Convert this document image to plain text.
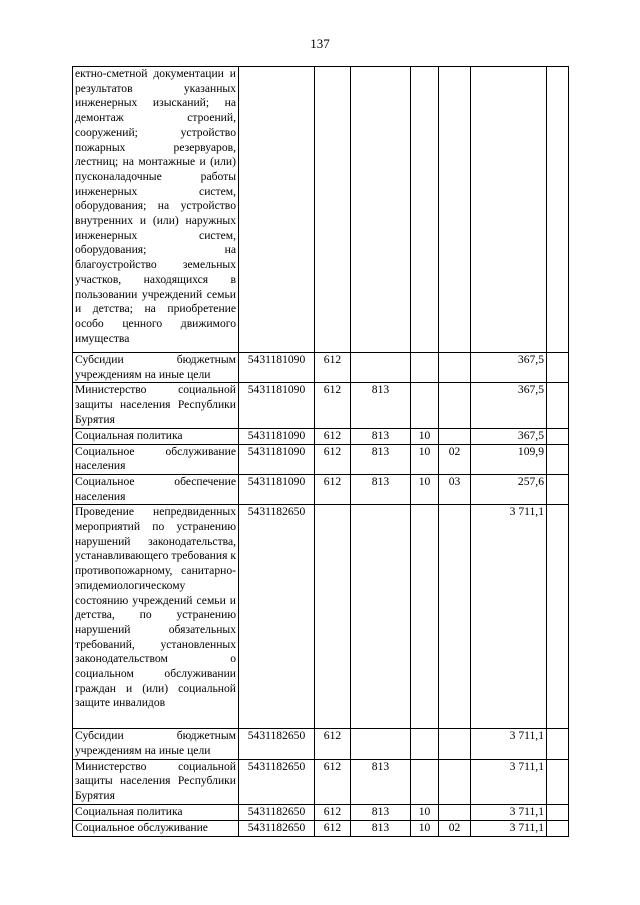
137
ектно-сметной документации и результатов указанных инженерных изысканий; на демонтаж строений, сооружений; устройство пожарных резервуаров, лестниц; на монтажные и (или) пусконаладочные работы инженерных систем, оборудования; на устройство внутренних и (или) наружных инженерных систем, оборудования; на благоустройство земельных участков, находящихся в пользовании учреждений семьи и детства; на приобретение особо ценного движимого имущества							
Субсидии бюджетным учреждениям на иные цели	5431181090	612				367,5	
Министерство социальной защиты населения Республики Бурятия	5431181090	612	813			367,5	
Социальная политика	5431181090	612	813	10		367,5	
Социальное обслуживание населения	5431181090	612	813	10	02	109,9	
Социальное обеспечение населения	5431181090	612	813	10	03	257,6	
Проведение непредвиденных мероприятий по устранению нарушений законодательства, устанавливающего требования к противопожарному, санитарно-эпидемиологическому состоянию учреждений семьи и детства, по устранению нарушений обязательных требований, установленных законодательством о социальном обслуживании граждан и (или) социальной защите инвалидов	5431182650					3 711,1	
Субсидии бюджетным учреждениям на иные цели	5431182650	612				3 711,1	
Министерство социальной защиты населения Республики Бурятия	5431182650	612	813			3 711,1	
Социальная политика	5431182650	612	813	10		3 711,1	
Социальное обслуживание	5431182650	612	813	10	02	3 711,1	
